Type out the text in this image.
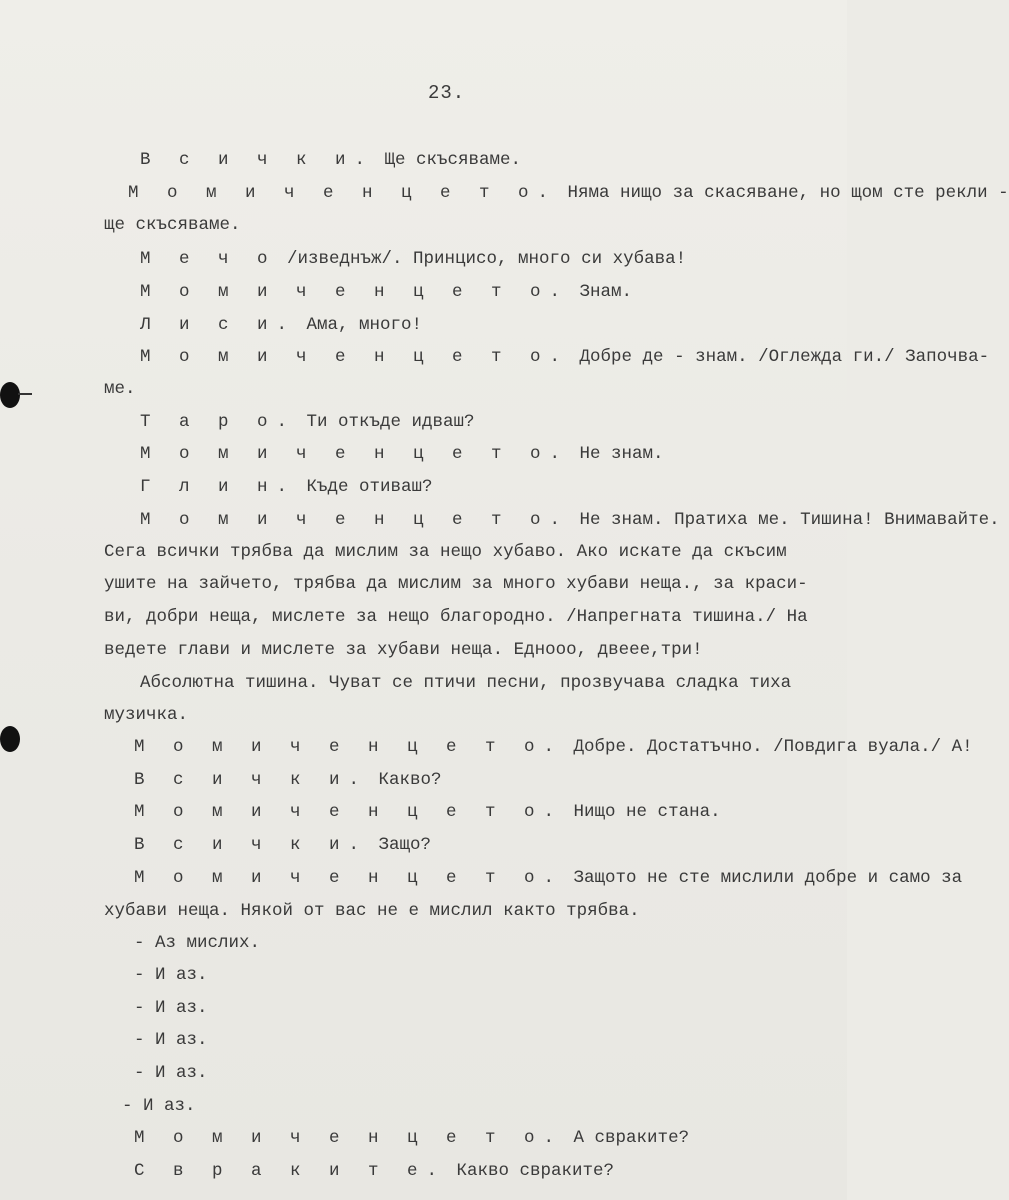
23.
В с и ч к и. Ще скъсяваме.
М о м и ч е н ц е т о. Няма нищо за скасяване, но щом сте рекли -
ще скъсяваме.
М е ч о /изведнъж/. Принцисо, много си хубава!
М о м и ч е н ц е т о. Знам.
Л и с и. Ама, много!
М о м и ч е н ц е т о. Добре де - знам. /Оглежда ги./ Започва-
ме.
Т а р о. Ти откъде идваш?
М о м и ч е н ц е т о. Не знам.
Г л и н. Къде отиваш?
М о м и ч е н ц е т о. Не знам. Пратиха ме. Тишина! Внимавайте.
Сега всички трябва да мислим за нещо хубаво. Ако искате да скъсим
ушите на зайчето, трябва да мислим за много хубави неща., за краси-
ви, добри неща, мислете за нещо благородно. /Напрегната тишина./ На
ведете глави и мислете за хубави неща. Едноoo, двеее,три!
Абсолютна тишина. Чуват се птичи песни, прозвучава сладка тиха
музичка.
М о м и ч е н ц е т о. Добре. Достатъчно. /Повдига вуала./ А!
В с и ч к и. Какво?
М о м и ч е н ц е т о. Нищо не стана.
В с и ч к и. Защо?
М о м и ч е н ц е т о. Защото не сте мислили добре и само за
хубави неща. Някой от вас не е мислил както трябва.
- Аз мислих.
- И аз.
- И аз.
- И аз.
- И аз.
- И аз.
М о м и ч е н ц е т о. А свраките?
С в р а к и т е. Какво свраките?
